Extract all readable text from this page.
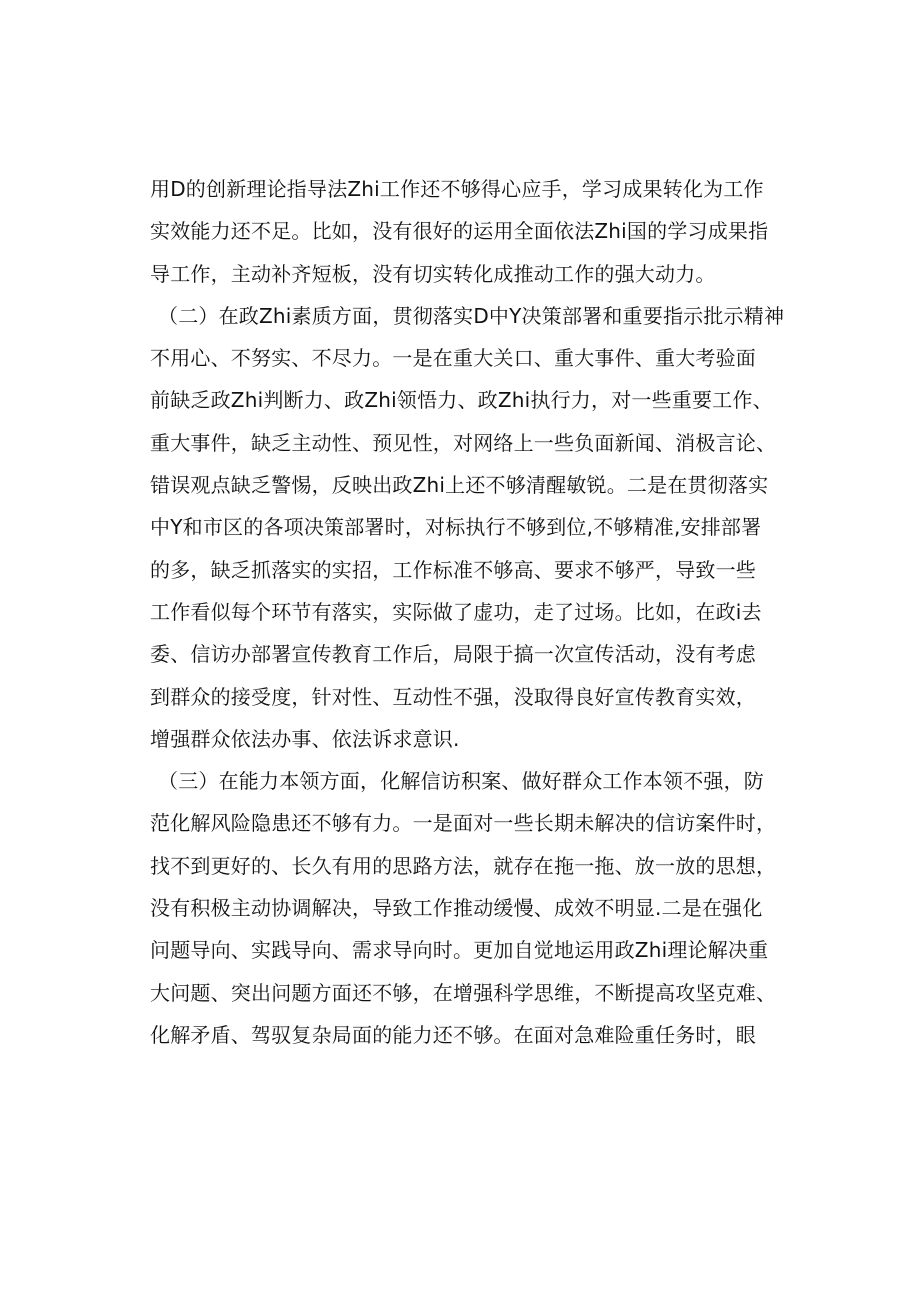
用D的创新理论指导法Zhi工作还不够得心应手，学习成果转化为工作
实效能力还不足。比如，没有很好的运用全面依法Zhi国的学习成果指
导工作，主动补齐短板，没有切实转化成推动工作的强大动力。
（二）在政Zhi素质方面，贯彻落实D中Y决策部署和重要指示批示精神
不用心、不努实、不尽力。一是在重大关口、重大事件、重大考验面
前缺乏政Zhi判断力、政Zhi领悟力、政Zhi执行力，对一些重要工作、
重大事件，缺乏主动性、预见性，对网络上一些负面新闻、消极言论、
错误观点缺乏警惕，反映出政Zhi上还不够清醒敏锐。二是在贯彻落实
中Y和市区的各项决策部署时，对标执行不够到位,不够精准,安排部署
的多，缺乏抓落实的实招，工作标准不够高、要求不够严，导致一些
工作看似每个环节有落实，实际做了虚功，走了过场。比如，在政i去
委、信访办部署宣传教育工作后，局限于搞一次宣传活动，没有考虑
到群众的接受度，针对性、互动性不强，没取得良好宣传教育实效，
增强群众依法办事、依法诉求意识.
（三）在能力本领方面，化解信访积案、做好群众工作本领不强，防
范化解风险隐患还不够有力。一是面对一些长期未解决的信访案件时，
找不到更好的、长久有用的思路方法，就存在拖一拖、放一放的思想，
没有积极主动协调解决，导致工作推动缓慢、成效不明显.二是在强化
问题导向、实践导向、需求导向时。更加自觉地运用政Zhi理论解决重
大问题、突出问题方面还不够，在增强科学思维，不断提高攻坚克难、
化解矛盾、驾驭复杂局面的能力还不够。在面对急难险重任务时，眼
